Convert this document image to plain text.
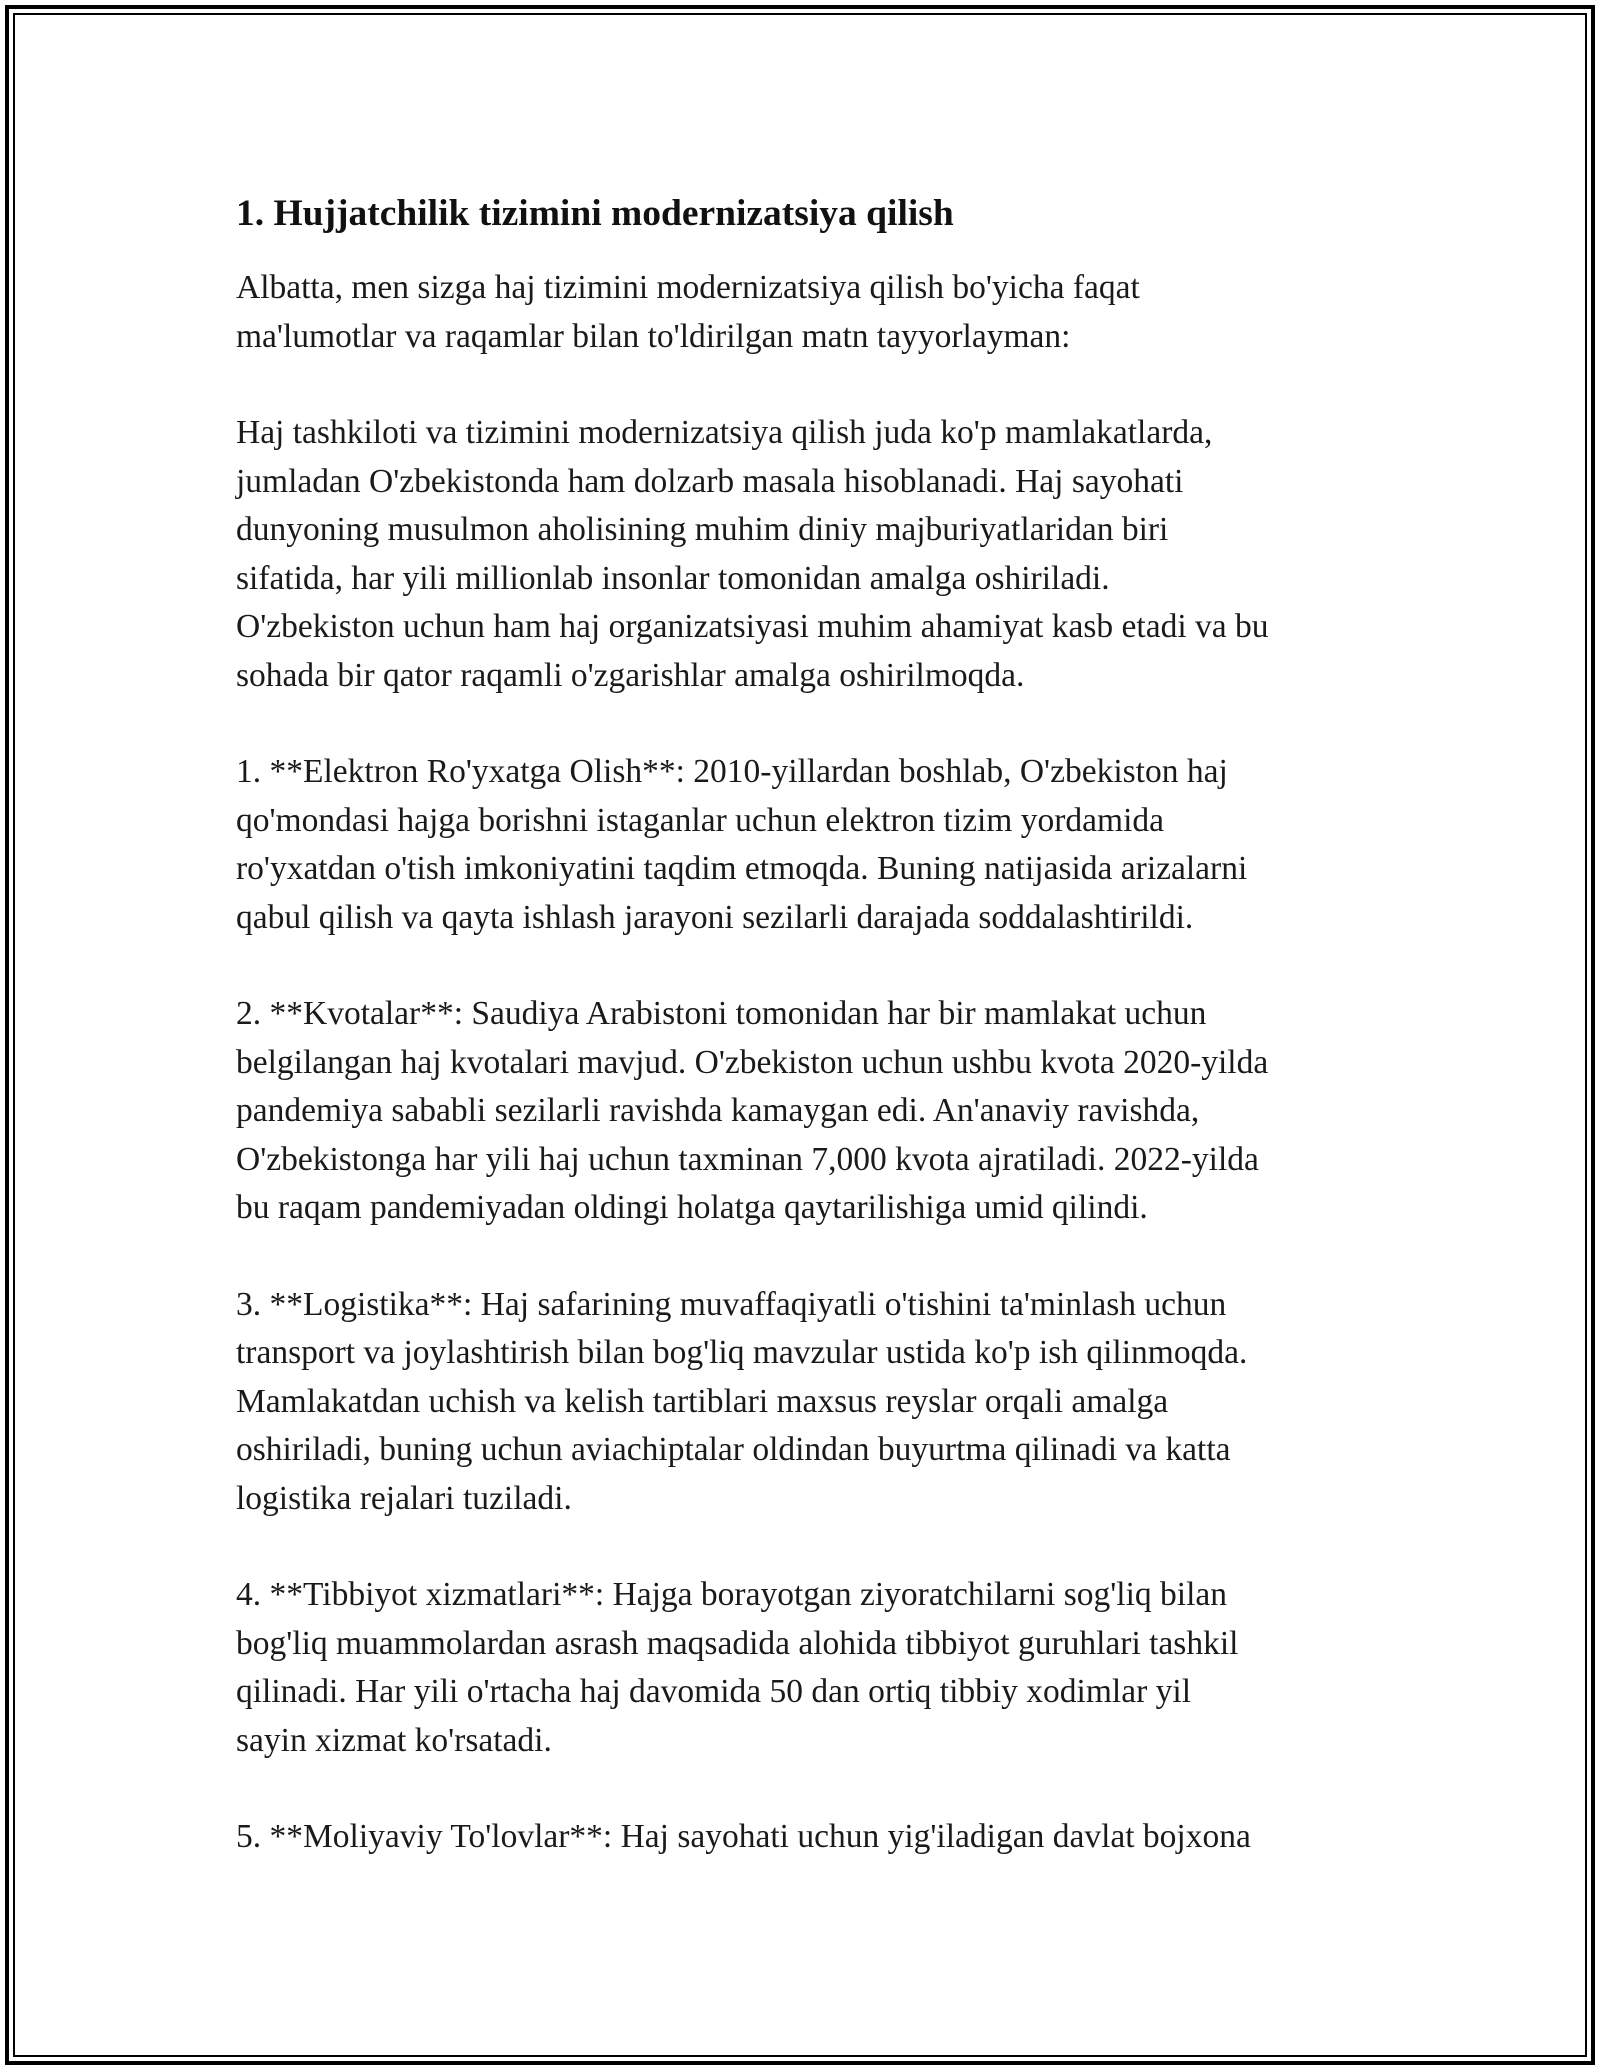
1. Hujjatchilik tizimini modernizatsiya qilish

Albatta, men sizga haj tizimini modernizatsiya qilish bo'yicha faqat
ma'lumotlar va raqamlar bilan to'ldirilgan matn tayyorlayman:

Haj tashkiloti va tizimini modernizatsiya qilish juda ko'p mamlakatlarda,
jumladan O'zbekistonda ham dolzarb masala hisoblanadi. Haj sayohati
dunyoning musulmon aholisining muhim diniy majburiyatlaridan biri
sifatida, har yili millionlab insonlar tomonidan amalga oshiriladi.
O'zbekiston uchun ham haj organizatsiyasi muhim ahamiyat kasb etadi va bu
sohada bir qator raqamli o'zgarishlar amalga oshirilmoqda.

1. **Elektron Ro'yxatga Olish**: 2010-yillardan boshlab, O'zbekiston haj
qo'mondasi hajga borishni istaganlar uchun elektron tizim yordamida
ro'yxatdan o'tish imkoniyatini taqdim etmoqda. Buning natijasida arizalarni
qabul qilish va qayta ishlash jarayoni sezilarli darajada soddalashtirildi.

2. **Kvotalar**: Saudiya Arabistoni tomonidan har bir mamlakat uchun
belgilangan haj kvotalari mavjud. O'zbekiston uchun ushbu kvota 2020-yilda
pandemiya sababli sezilarli ravishda kamaygan edi. An'anaviy ravishda,
O'zbekistonga har yili haj uchun taxminan 7,000 kvota ajratiladi. 2022-yilda
bu raqam pandemiyadan oldingi holatga qaytarilishiga umid qilindi.

3. **Logistika**: Haj safarining muvaffaqiyatli o'tishini ta'minlash uchun
transport va joylashtirish bilan bog'liq mavzular ustida ko'p ish qilinmoqda.
Mamlakatdan uchish va kelish tartiblari maxsus reyslar orqali amalga
oshiriladi, buning uchun aviachiptalar oldindan buyurtma qilinadi va katta
logistika rejalari tuziladi.

4. **Tibbiyot xizmatlari**: Hajga borayotgan ziyoratchilarni sog'liq bilan
bog'liq muammolardan asrash maqsadida alohida tibbiyot guruhlari tashkil
qilinadi. Har yili o'rtacha haj davomida 50 dan ortiq tibbiy xodimlar yil
sayin xizmat ko'rsatadi.

5. **Moliyaviy To'lovlar**: Haj sayohati uchun yig'iladigan davlat bojxona
